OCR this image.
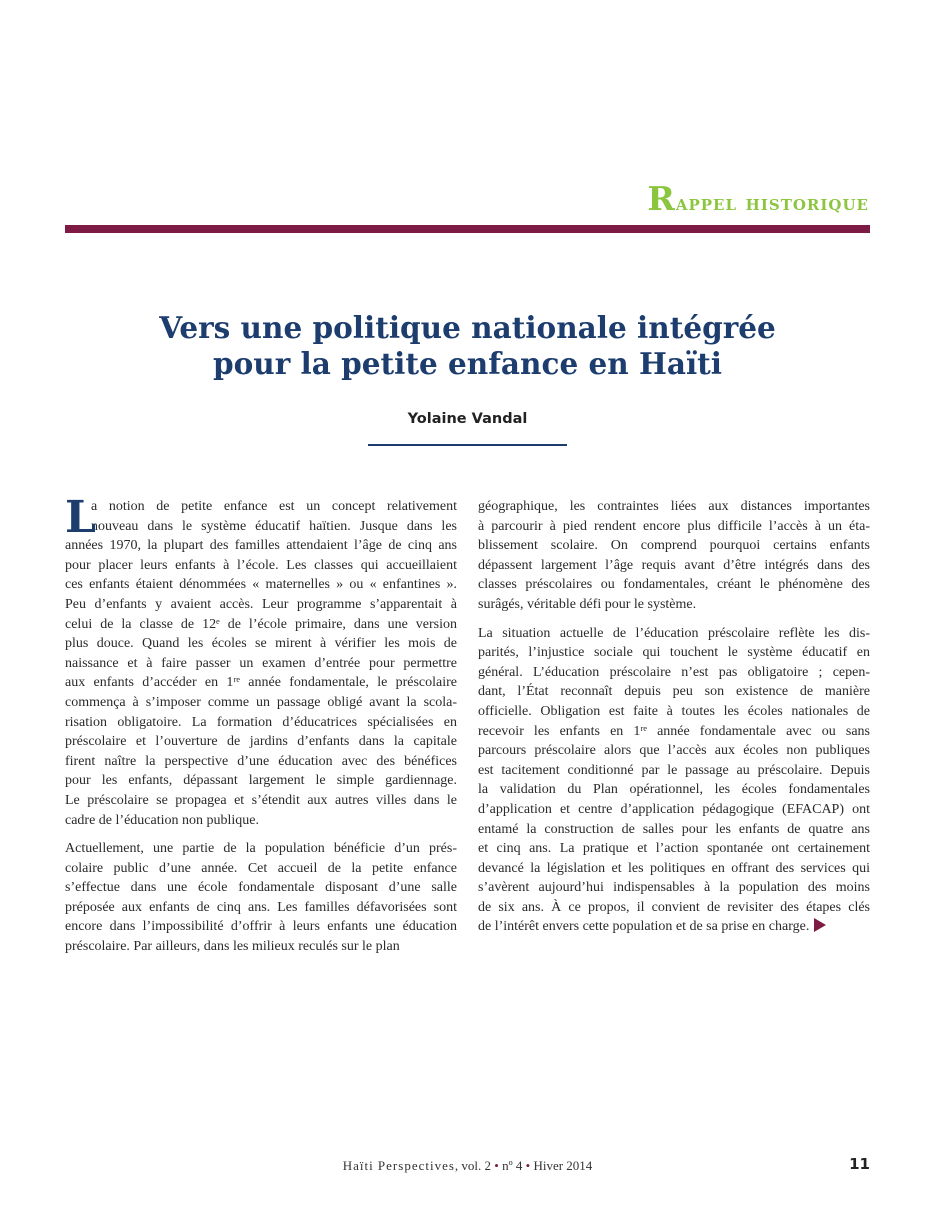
Rappel historique
Vers une politique nationale intégrée
pour la petite enfance en Haïti
Yolaine Vandal
L
a notion de petite enfance est un concept relativement
nouveau dans le système éducatif haïtien. Jusque dans les
années 1970, la plupart des familles attendaient l’âge de cinq ans
pour placer leurs enfants à l’école. Les classes qui accueillaient
ces enfants étaient dénommées « maternelles » ou « enfantines ».
Peu d’enfants y avaient accès. Leur programme s’apparentait à
celui de la classe de 12ᵉ de l’école primaire, dans une version
plus douce. Quand les écoles se mirent à vérifier les mois de
naissance et à faire passer un examen d’entrée pour permettre
aux enfants d’accéder en 1ʳᵉ année fondamentale, le préscolaire
commença à s’imposer comme un passage obligé avant la scola-
risation obligatoire. La formation d’éducatrices spécialisées en
préscolaire et l’ouverture de jardins d’enfants dans la capitale
firent naître la perspective d’une éducation avec des bénéfices
pour les enfants, dépassant largement le simple gardiennage.
Le préscolaire se propagea et s’étendit aux autres villes dans le
cadre de l’éducation non publique.
Actuellement, une partie de la population bénéficie d’un prés-
colaire public d’une année. Cet accueil de la petite enfance
s’effectue dans une école fondamentale disposant d’une salle
préposée aux enfants de cinq ans. Les familles défavorisées sont
encore dans l’impossibilité d’offrir à leurs enfants une éducation
préscolaire. Par ailleurs, dans les milieux reculés sur le plan
géographique, les contraintes liées aux distances importantes
à parcourir à pied rendent encore plus difficile l’accès à un éta-
blissement scolaire. On comprend pourquoi certains enfants
dépassent largement l’âge requis avant d’être intégrés dans des
classes préscolaires ou fondamentales, créant le phénomène des
surâgés, véritable défi pour le système.
La situation actuelle de l’éducation préscolaire reflète les dis-
parités, l’injustice sociale qui touchent le système éducatif en
général. L’éducation préscolaire n’est pas obligatoire ; cepen-
dant, l’État reconnaît depuis peu son existence de manière
officielle. Obligation est faite à toutes les écoles nationales de
recevoir les enfants en 1ʳᵉ année fondamentale avec ou sans
parcours préscolaire alors que l’accès aux écoles non publiques
est tacitement conditionné par le passage au préscolaire. Depuis
la validation du Plan opérationnel, les écoles fondamentales
d’application et centre d’application pédagogique (EFACAP) ont
entamé la construction de salles pour les enfants de quatre ans
et cinq ans. La pratique et l’action spontanée ont certainement
devancé la législation et les politiques en offrant des services qui
s’avèrent aujourd’hui indispensables à la population des moins
de six ans. À ce propos, il convient de revisiter des étapes clés
de l’intérêt envers cette population et de sa prise en charge.
Haïti Perspectives, vol. 2 • nº 4 • Hiver 2014	11
